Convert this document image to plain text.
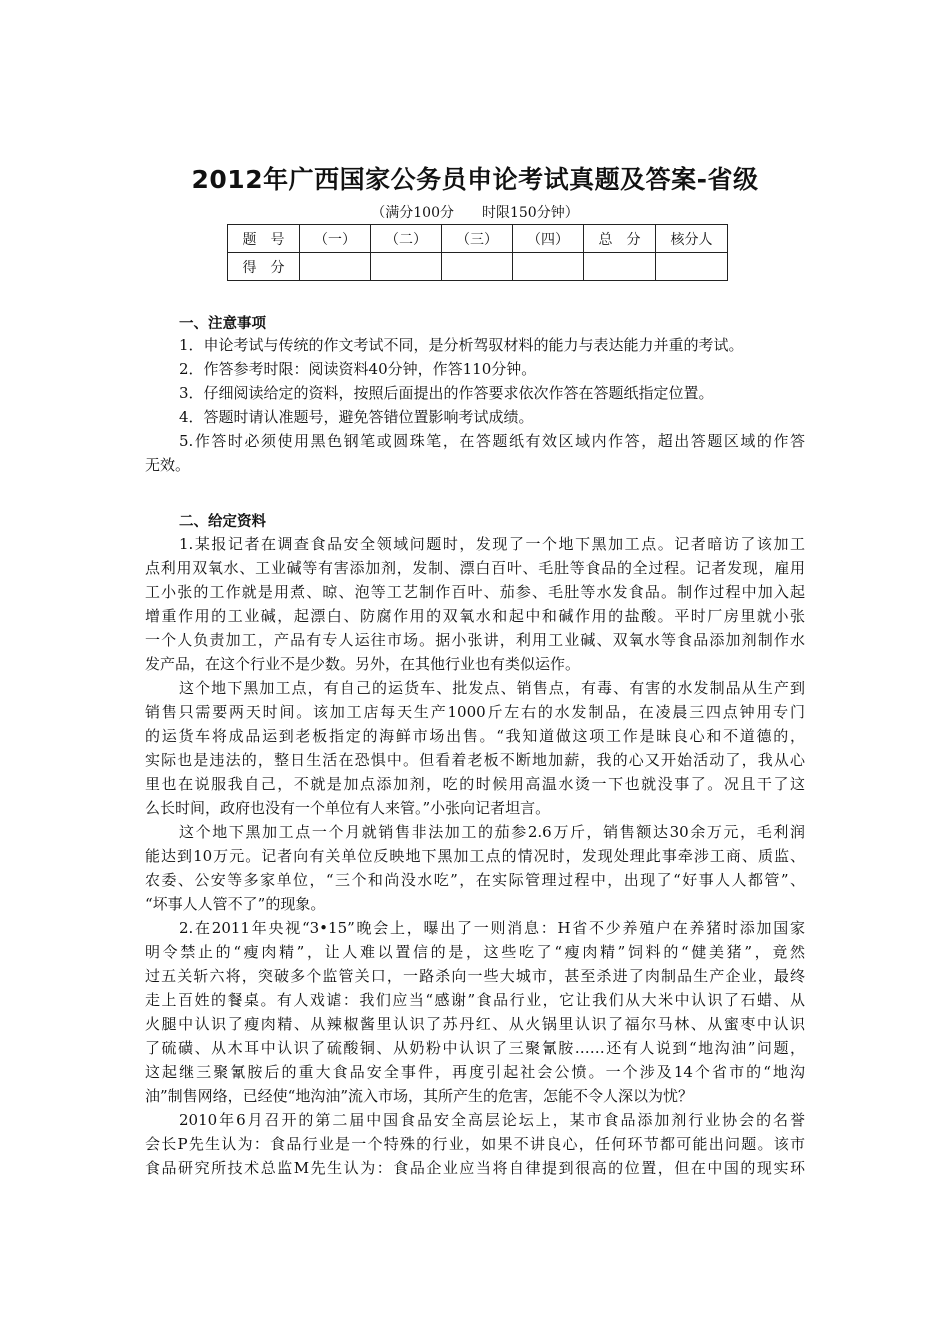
2012年广西国家公务员申论考试真题及答案-省级
（满分100分　　时限150分钟）
题　号	（一）	（二）	（三）	（四）	总　分	核分人
得　分						
一、注意事项
1．申论考试与传统的作文考试不同，是分析驾驭材料的能力与表达能力并重的考试。
2．作答参考时限：阅读资料40分钟，作答110分钟。
3．仔细阅读给定的资料，按照后面提出的作答要求依次作答在答题纸指定位置。
4．答题时请认准题号，避免答错位置影响考试成绩。
5.作答时必须使用黑色钢笔或圆珠笔，在答题纸有效区域内作答，超出答题区域的作答
无效。
二、给定资料
1.某报记者在调查食品安全领域问题时，发现了一个地下黑加工点。记者暗访了该加工
点利用双氧水、工业碱等有害添加剂，发制、漂白百叶、毛肚等食品的全过程。记者发现，雇用
工小张的工作就是用煮、晾、泡等工艺制作百叶、茄参、毛肚等水发食品。制作过程中加入起
增重作用的工业碱，起漂白、防腐作用的双氧水和起中和碱作用的盐酸。平时厂房里就小张
一个人负责加工，产品有专人运往市场。据小张讲，利用工业碱、双氧水等食品添加剂制作水
发产品，在这个行业不是少数。另外，在其他行业也有类似运作。
这个地下黑加工点，有自己的运货车、批发点、销售点，有毒、有害的水发制品从生产到
销售只需要两天时间。该加工店每天生产1000斤左右的水发制品，在凌晨三四点钟用专门
的运货车将成品运到老板指定的海鲜市场出售。“我知道做这项工作是昧良心和不道德的，
实际也是违法的，整日生活在恐惧中。但看着老板不断地加薪，我的心又开始活动了，我从心
里也在说服我自己，不就是加点添加剂，吃的时候用高温水烫一下也就没事了。况且干了这
么长时间，政府也没有一个单位有人来管。”小张向记者坦言。
这个地下黑加工点一个月就销售非法加工的茄参2.6万斤，销售额达30余万元，毛利润
能达到10万元。记者向有关单位反映地下黑加工点的情况时，发现处理此事牵涉工商、质监、
农委、公安等多家单位，“三个和尚没水吃”，在实际管理过程中，出现了“好事人人都管”、
“坏事人人管不了”的现象。
2.在2011年央视“3•15”晚会上，曝出了一则消息：H省不少养殖户在养猪时添加国家
明令禁止的“瘦肉精”，让人难以置信的是，这些吃了“瘦肉精”饲料的“健美猪”，竟然
过五关斩六将，突破多个监管关口，一路杀向一些大城市，甚至杀进了肉制品生产企业，最终
走上百姓的餐桌。有人戏谑：我们应当“感谢”食品行业，它让我们从大米中认识了石蜡、从
火腿中认识了瘦肉精、从辣椒酱里认识了苏丹红、从火锅里认识了福尔马林、从蜜枣中认识
了硫磺、从木耳中认识了硫酸铜、从奶粉中认识了三聚氰胺……还有人说到“地沟油”问题，
这起继三聚氰胺后的重大食品安全事件，再度引起社会公愤。一个涉及14个省市的“地沟
油”制售网络，已经使“地沟油”流入市场，其所产生的危害，怎能不令人深以为忧？
2010年6月召开的第二届中国食品安全高层论坛上，某市食品添加剂行业协会的名誉
会长P先生认为：食品行业是一个特殊的行业，如果不讲良心，任何环节都可能出问题。该市
食品研究所技术总监M先生认为：食品企业应当将自律提到很高的位置，但在中国的现实环
